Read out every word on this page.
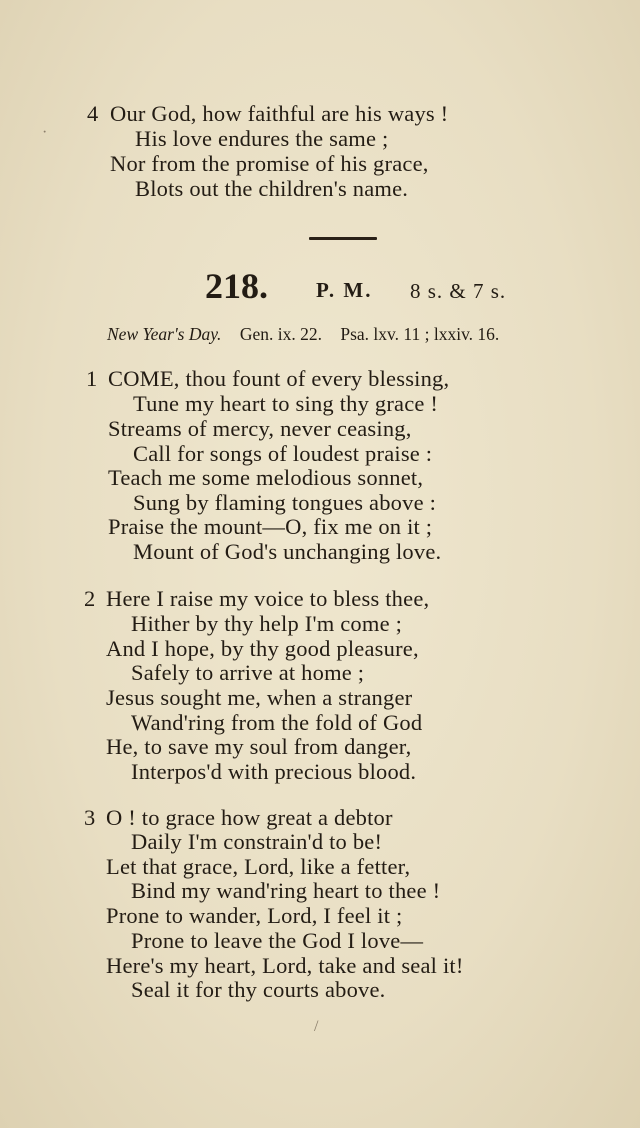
4 Our God, how faithful are his ways !
His love endures the same ;
Nor from the promise of his grace,
Blots out the children's name.
218. P. M. 8 s. & 7 s.
New Year's Day. Gen. ix. 22. Psa. lxv. 11 ; lxxiv. 16.
1 COME, thou fount of every blessing,
Tune my heart to sing thy grace !
Streams of mercy, never ceasing,
Call for songs of loudest praise :
Teach me some melodious sonnet,
Sung by flaming tongues above :
Praise the mount—O, fix me on it ;
Mount of God's unchanging love.
2 Here I raise my voice to bless thee,
Hither by thy help I'm come ;
And I hope, by thy good pleasure,
Safely to arrive at home ;
Jesus sought me, when a stranger
Wand'ring from the fold of God
He, to save my soul from danger,
Interpos'd with precious blood.
3 O ! to grace how great a debtor
Daily I'm constrain'd to be!
Let that grace, Lord, like a fetter,
Bind my wand'ring heart to thee !
Prone to wander, Lord, I feel it ;
Prone to leave the God I love—
Here's my heart, Lord, take and seal it!
Seal it for thy courts above.
·
/
